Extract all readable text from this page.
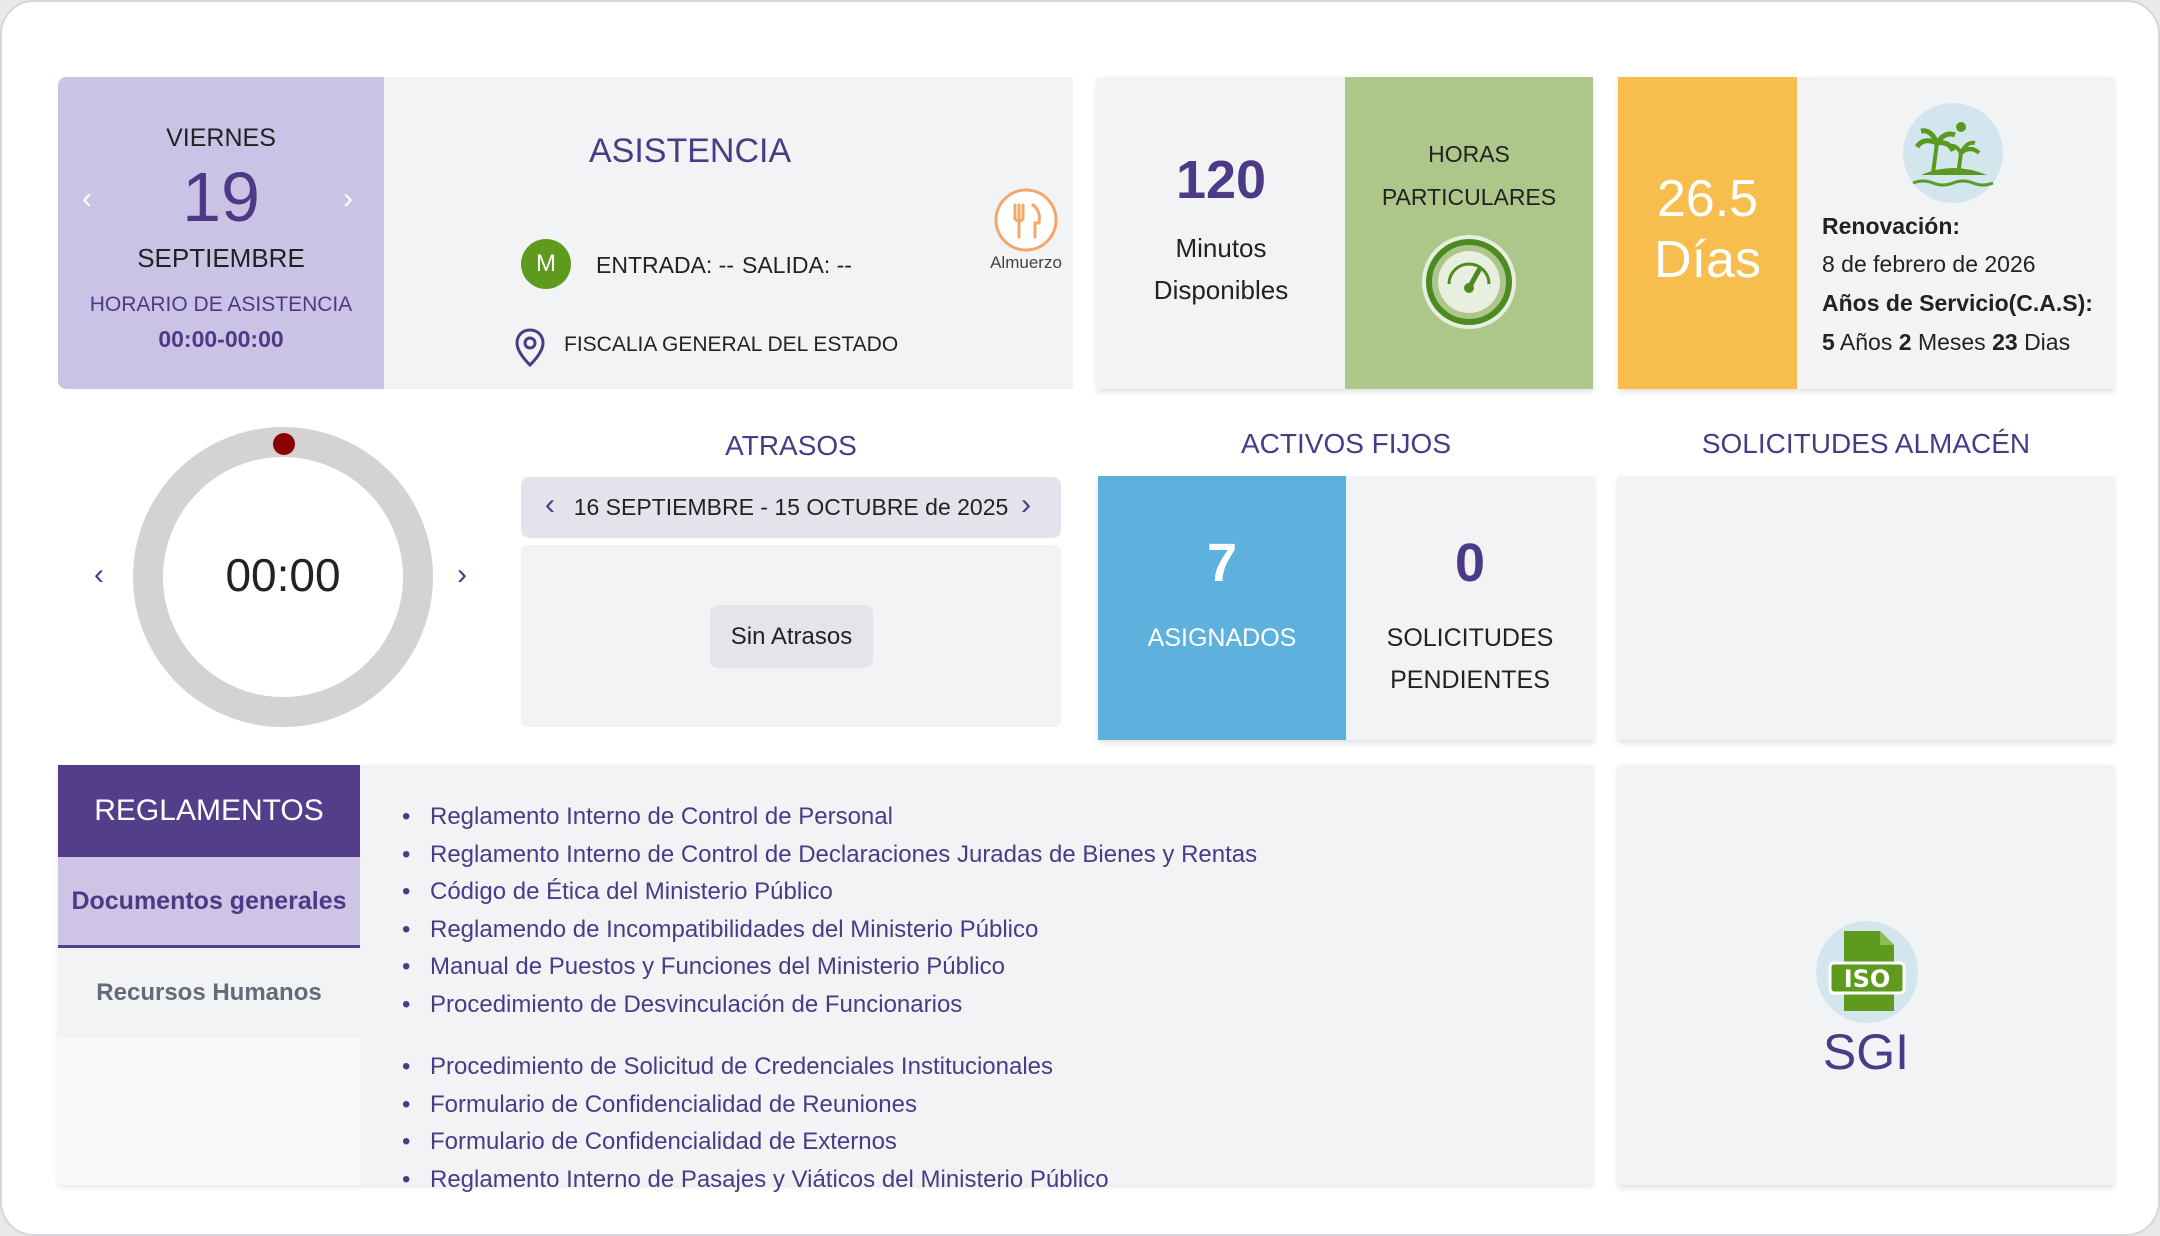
VIERNES
19
SEPTIEMBRE
HORARIO DE ASISTENCIA
00:00-00:00
‹	›
ASISTENCIA
M	ENTRADA: -- SALIDA: --
FISCALIA GENERAL DEL ESTADO
Almuerzo
120
Minutos
Disponibles
HORAS
PARTICULARES	26.5
Días
Renovación:
8 de febrero de 2026
Años de Servicio(C.A.S):
5 Años 2 Meses 23 Dias
00:00
‹	›
ATRASOS
‹ 16 SEPTIEMBRE - 15 OCTUBRE de 2025 ›
Sin Atrasos
ACTIVOS FIJOS
7
ASIGNADOS
0
SOLICITUDES
PENDIENTES
SOLICITUDES ALMACÉN
REGLAMENTOS
Documentos generales
Recursos Humanos
• Reglamento Interno de Control de Personal
• Reglamento Interno de Control de Declaraciones Juradas de Bienes y Rentas
• Código de Ética del Ministerio Público
• Reglamendo de Incompatibilidades del Ministerio Público
• Manual de Puestos y Funciones del Ministerio Público
• Procedimiento de Desvinculación de Funcionarios
• Procedimiento de Solicitud de Credenciales Institucionales
• Formulario de Confidencialidad de Reuniones
• Formulario de Confidencialidad de Externos
• Reglamento Interno de Pasajes y Viáticos del Ministerio Público
ISO
SGI
